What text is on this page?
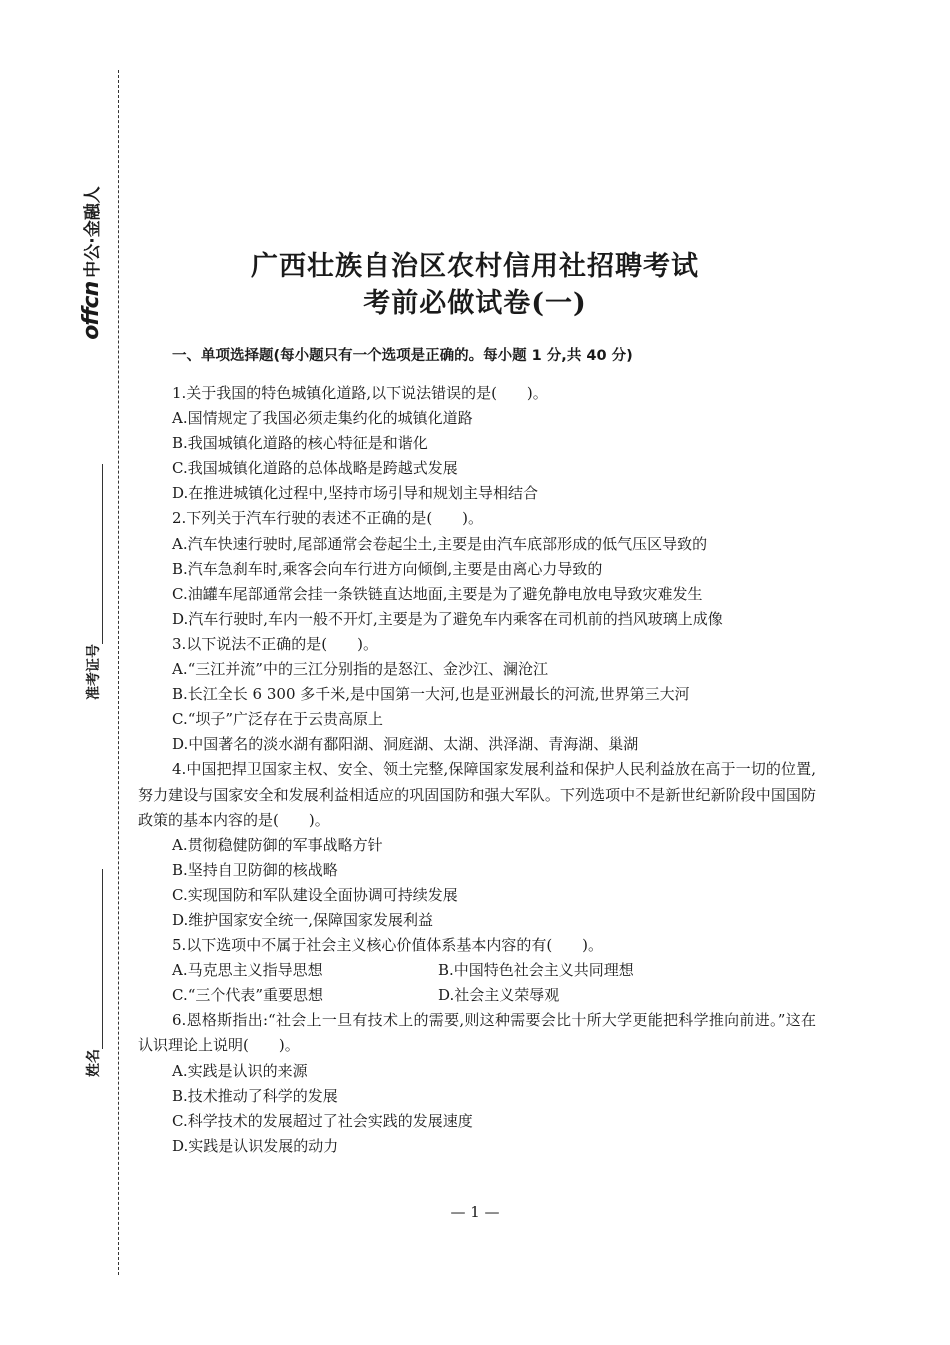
offcn中公·金融人
准考证号
姓名
广西壮族自治区农村信用社招聘考试
考前必做试卷(一)
一、单项选择题(每小题只有一个选项是正确的。每小题 1 分,共 40 分)
1.关于我国的特色城镇化道路,以下说法错误的是(　　)。
A.国情规定了我国必须走集约化的城镇化道路
B.我国城镇化道路的核心特征是和谐化
C.我国城镇化道路的总体战略是跨越式发展
D.在推进城镇化过程中,坚持市场引导和规划主导相结合
2.下列关于汽车行驶的表述不正确的是(　　)。
A.汽车快速行驶时,尾部通常会卷起尘土,主要是由汽车底部形成的低气压区导致的
B.汽车急刹车时,乘客会向车行进方向倾倒,主要是由离心力导致的
C.油罐车尾部通常会挂一条铁链直达地面,主要是为了避免静电放电导致灾难发生
D.汽车行驶时,车内一般不开灯,主要是为了避免车内乘客在司机前的挡风玻璃上成像
3.以下说法不正确的是(　　)。
A.“三江并流”中的三江分别指的是怒江、金沙江、澜沧江
B.长江全长 6 300 多千米,是中国第一大河,也是亚洲最长的河流,世界第三大河
C.“坝子”广泛存在于云贵高原上
D.中国著名的淡水湖有鄱阳湖、洞庭湖、太湖、洪泽湖、青海湖、巢湖
4.中国把捍卫国家主权、安全、领土完整,保障国家发展利益和保护人民利益放在高于一切的位置,努力建设与国家安全和发展利益相适应的巩固国防和强大军队。下列选项中不是新世纪新阶段中国国防政策的基本内容的是(　　)。
A.贯彻稳健防御的军事战略方针
B.坚持自卫防御的核战略
C.实现国防和军队建设全面协调可持续发展
D.维护国家安全统一,保障国家发展利益
5.以下选项中不属于社会主义核心价值体系基本内容的有(　　)。
A.马克思主义指导思想	B.中国特色社会主义共同理想
C.“三个代表”重要思想	D.社会主义荣辱观
6.恩格斯指出:“社会上一旦有技术上的需要,则这种需要会比十所大学更能把科学推向前进。”这在认识理论上说明(　　)。
A.实践是认识的来源
B.技术推动了科学的发展
C.科学技术的发展超过了社会实践的发展速度
D.实践是认识发展的动力
— 1 —
